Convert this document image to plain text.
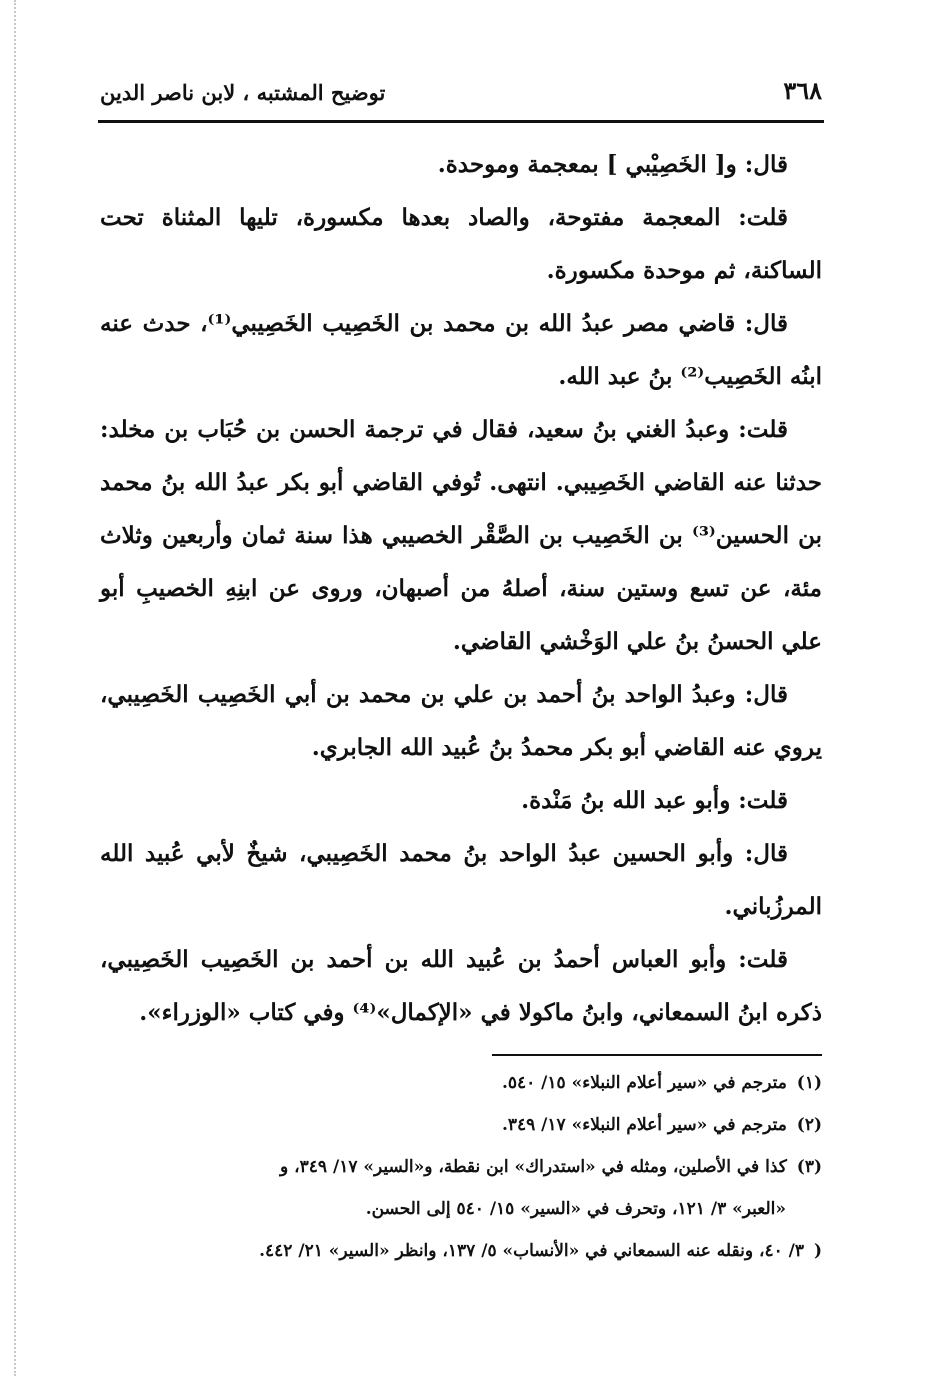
٣٦٨
توضيح المشتبه ، لابن ناصر الدين

قال: و[ الخَصِيْبي ] بمعجمة وموحدة.

قلت: المعجمة مفتوحة، والصاد بعدها مكسورة، تليها المثناة تحت الساكنة، ثم موحدة مكسورة.

قال: قاضي مصر عبدُ الله بن محمد بن الخَصِيب الخَصِيبي⁽¹⁾، حدث عنه ابنُه الخَصِيب⁽²⁾ بنُ عبد الله.

قلت: وعبدُ الغني بنُ سعيد، فقال في ترجمة الحسن بن حُبَاب بن مخلد: حدثنا عنه القاضي الخَصِيبي. انتهى. تُوفي القاضي أبو بكر عبدُ الله بنُ محمد بن الحسين⁽³⁾ بن الخَصِيب بن الصَّقْر الخصيبي هذا سنة ثمان وأربعين وثلاث مئة، عن تسع وستين سنة، أصلهُ من أصبهان، وروى عن ابنِهِ الخصيبِ أبو علي الحسنُ بنُ علي الوَخْشي القاضي.

قال: وعبدُ الواحد بنُ أحمد بن علي بن محمد بن أبي الخَصِيب الخَصِيبي، يروي عنه القاضي أبو بكر محمدُ بنُ عُبيد الله الجابري.

قلت: وأبو عبد الله بنُ مَنْدة.

قال: وأبو الحسين عبدُ الواحد بنُ محمد الخَصِيبي، شيخٌ لأبي عُبيد الله المرزُباني.

قلت: وأبو العباس أحمدُ بن عُبيد الله بن أحمد بن الخَصِيب الخَصِيبي، ذكره ابنُ السمعاني، وابنُ ماكولا في «الإكمال»⁽⁴⁾ وفي كتاب «الوزراء».

(١) مترجم في «سير أعلام النبلاء» ١٥/ ٥٤٠.

(٢) مترجم في «سير أعلام النبلاء» ١٧/ ٣٤٩.

(٣) كذا في الأصلين، ومثله في «استدراك» ابن نقطة، و«السير» ١٧/ ٣٤٩، و
«العبر» ٣/ ١٢١، وتحرف في «السير» ١٥/ ٥٤٠ إلى الحسن.

( ٣/ ٤٠، ونقله عنه السمعاني في «الأنساب» ٥/ ١٣٧، وانظر «السير» ٢١/ ٤٤٢.
